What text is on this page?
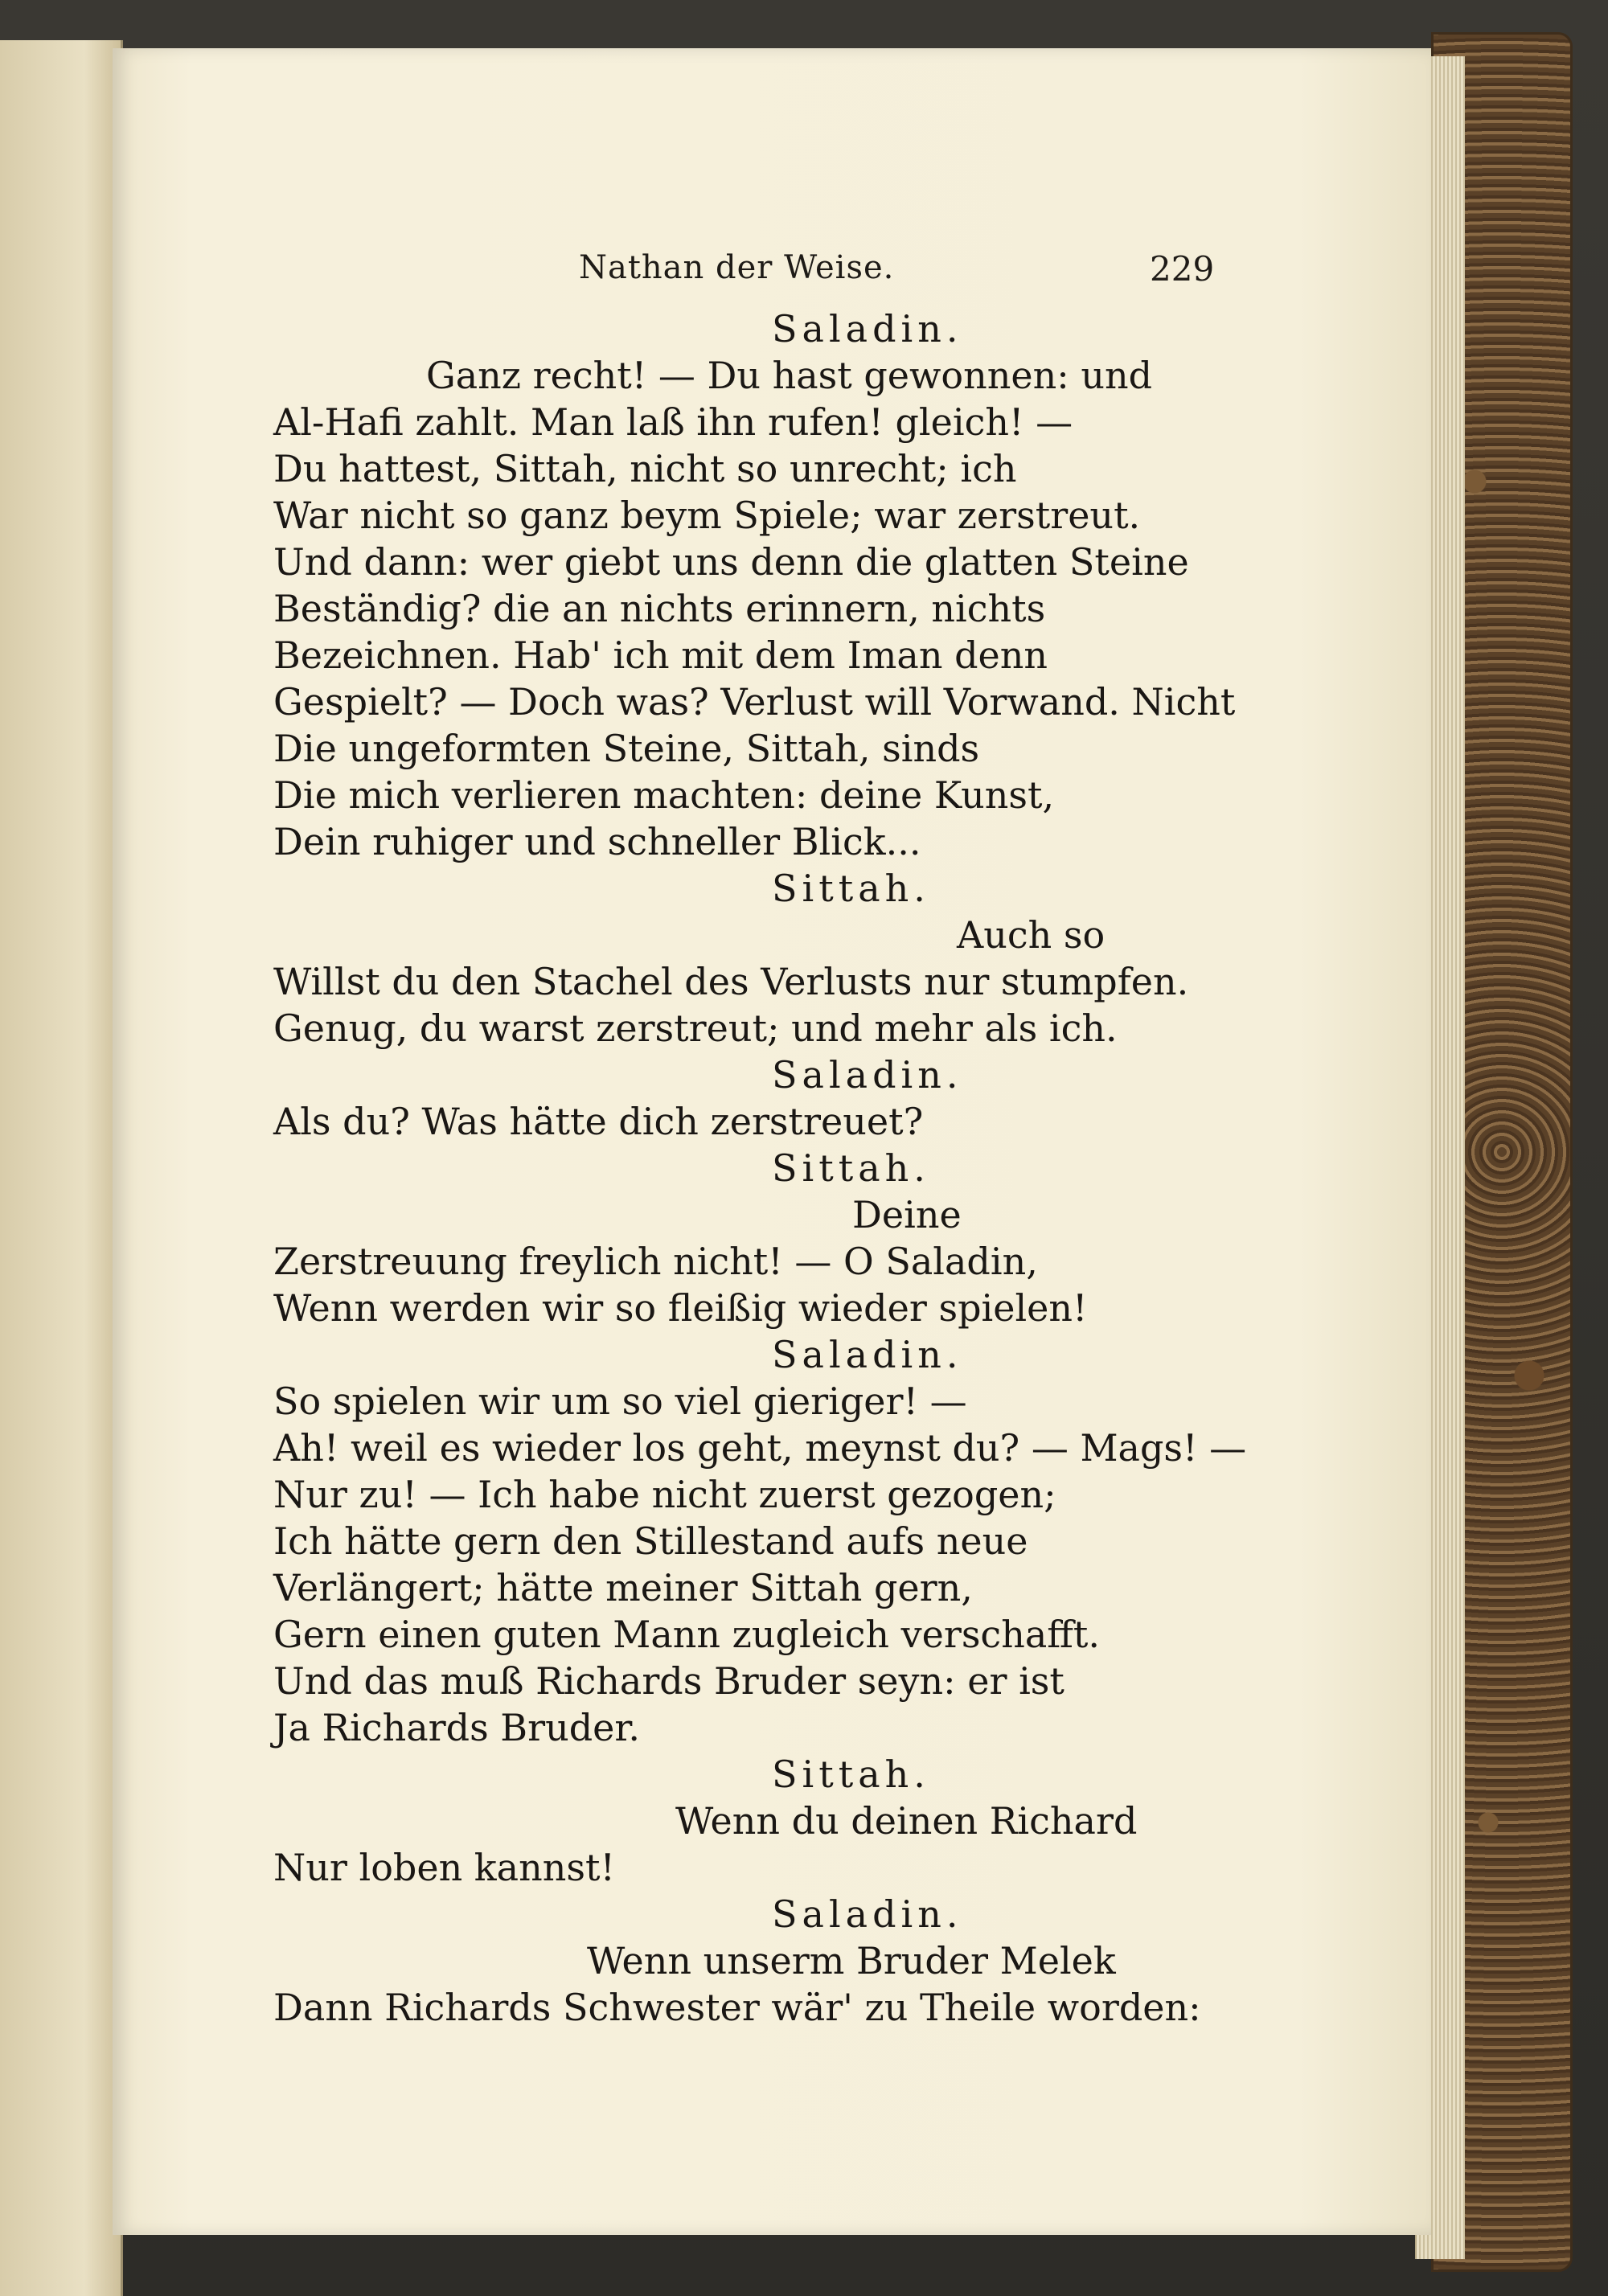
Nathan der Weise.	229
Saladin.
Ganz recht! — Du hast gewonnen: und
Al-Hafi zahlt. Man laß ihn rufen! gleich! —
Du hattest, Sittah, nicht so unrecht; ich
War nicht so ganz beym Spiele; war zerstreut.
Und dann: wer giebt uns denn die glatten Steine
Beständig? die an nichts erinnern, nichts
Bezeichnen. Hab' ich mit dem Iman denn
Gespielt? — Doch was? Verlust will Vorwand. Nicht
Die ungeformten Steine, Sittah, sinds
Die mich verlieren machten: deine Kunst,
Dein ruhiger und schneller Blick...
Sittah.
Auch so
Willst du den Stachel des Verlusts nur stumpfen.
Genug, du warst zerstreut; und mehr als ich.
Saladin.
Als du? Was hätte dich zerstreuet?
Sittah.
Deine
Zerstreuung freylich nicht! — O Saladin,
Wenn werden wir so fleißig wieder spielen!
Saladin.
So spielen wir um so viel gieriger! —
Ah! weil es wieder los geht, meynst du? — Mags! —
Nur zu! — Ich habe nicht zuerst gezogen;
Ich hätte gern den Stillestand aufs neue
Verlängert; hätte meiner Sittah gern,
Gern einen guten Mann zugleich verschafft.
Und das muß Richards Bruder seyn: er ist
Ja Richards Bruder.
Sittah.
Wenn du deinen Richard
Nur loben kannst!
Saladin.
Wenn unserm Bruder Melek
Dann Richards Schwester wär' zu Theile worden:
